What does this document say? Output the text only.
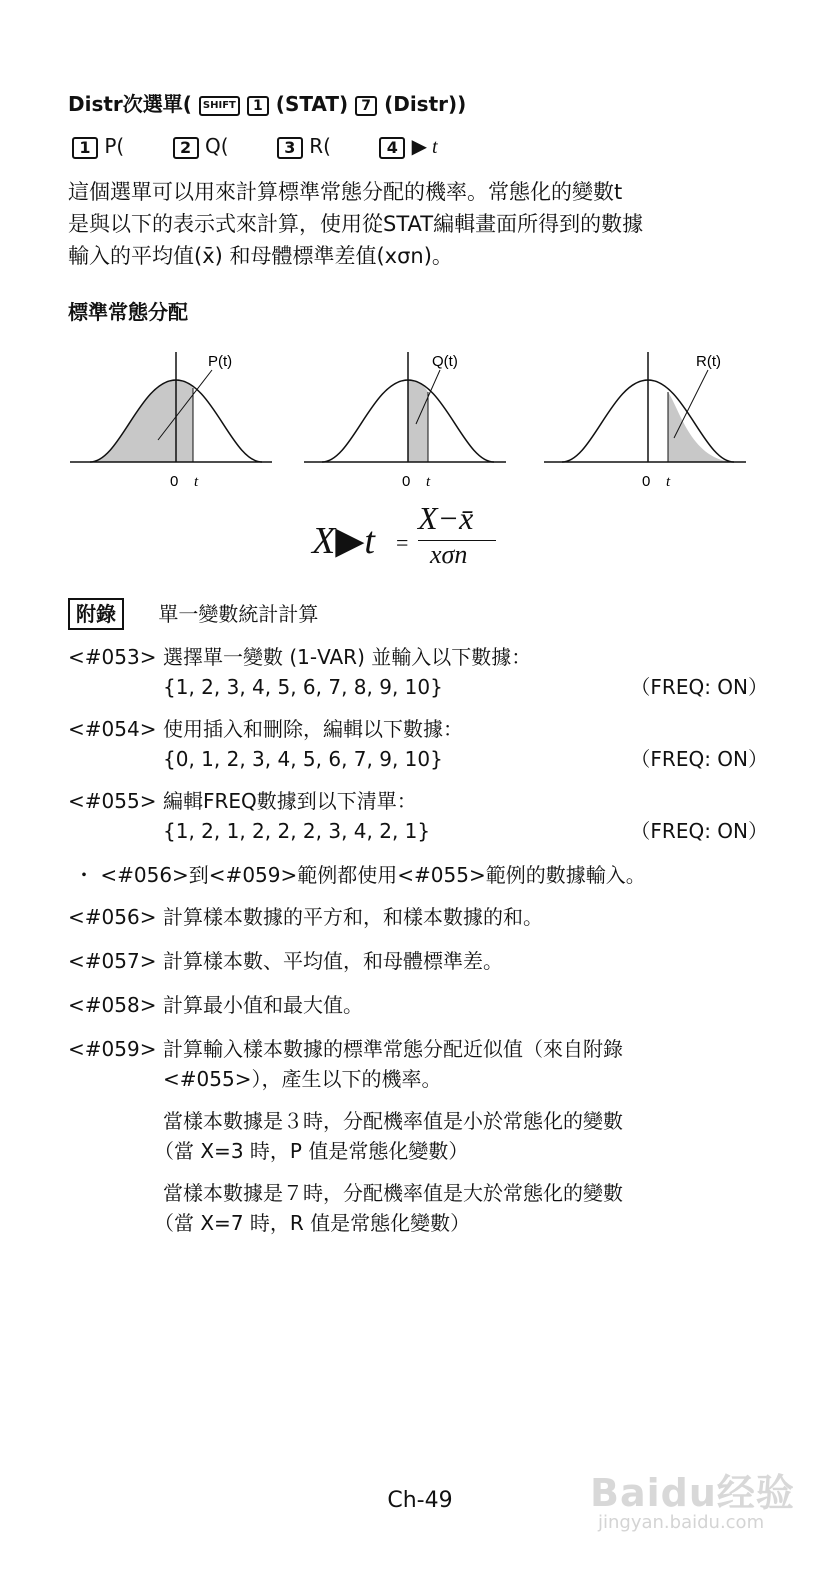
Distr次選單( SHIFT 1 (STAT) 7 (Distr))
1 P(	2 Q(	3 R(	4 ▶ t
這個選單可以用來計算標準常態分配的機率。常態化的變數t
是與以下的表示式來計算，使用從STAT編輯畫面所得到的數據
輸入的平均值(x̄) 和母體標準差值(xσn)。
標準常態分配
P(t)
0 t
Q(t)
0 t
R(t)
0 t
X▶t =
X−x̄
xσn
附錄 單一變數統計計算
<#053> 選擇單一變數 (1-VAR) 並輸入以下數據：
{1, 2, 3, 4, 5, 6, 7, 8, 9, 10}	（FREQ: ON）
<#054> 使用插入和刪除，編輯以下數據：
{0, 1, 2, 3, 4, 5, 6, 7, 9, 10}	（FREQ: ON）
<#055> 編輯FREQ數據到以下清單：
{1, 2, 1, 2, 2, 2, 3, 4, 2, 1}	（FREQ: ON）
・ <#056>到<#059>範例都使用<#055>範例的數據輸入。
<#056> 計算樣本數據的平方和，和樣本數據的和。
<#057> 計算樣本數、平均值，和母體標準差。
<#058> 計算最小值和最大值。
<#059> 計算輸入樣本數據的標準常態分配近似值（來自附錄
<#055>），產生以下的機率。
當樣本數據是３時，分配機率值是小於常態化的變數
（當 X=3 時，P 值是常態化變數）
當樣本數據是７時，分配機率值是大於常態化的變數
（當 X=7 時，R 值是常態化變數）
Ch-49	Baidu经验
jingyan.baidu.com
